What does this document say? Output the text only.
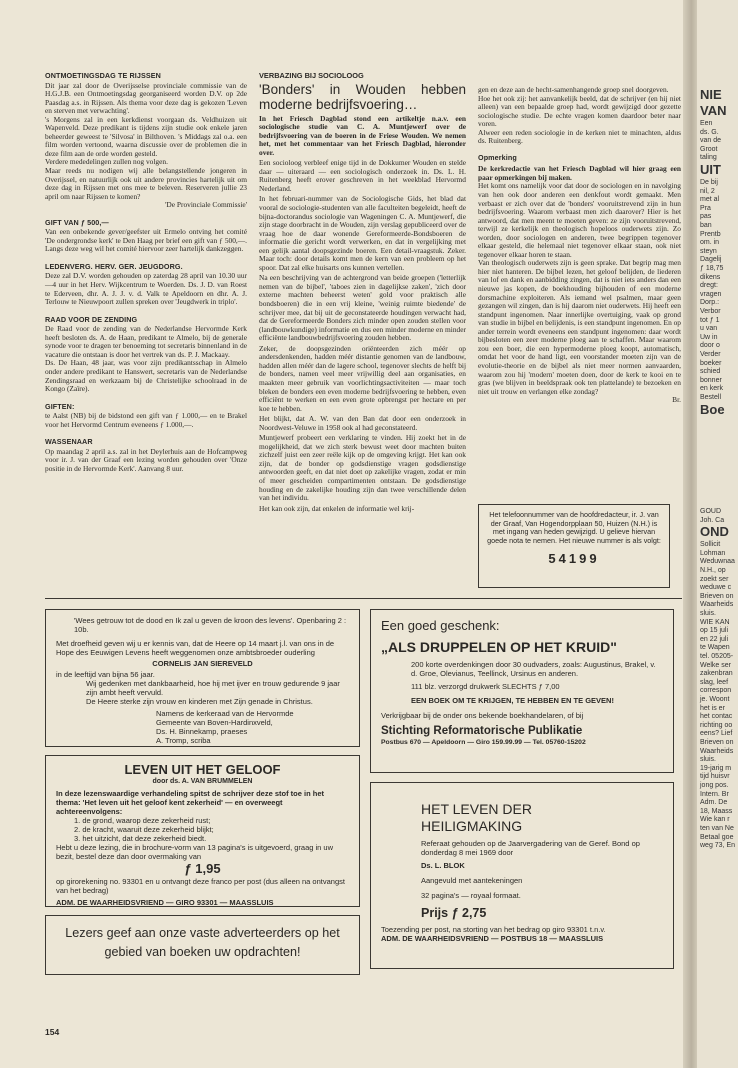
ONTMOETINGSDAG TE RIJSSEN

Dit jaar zal door de Overijsselse provinciale commissie van de H.G.J.B. een Ontmoetingsdag georganiseerd worden D.V. op 2de Paasdag a.s. in Rijssen. Als thema voor deze dag is gekozen 'Leven en sterven met verwachting'.
's Morgens zal in een kerkdienst voorgaan ds. Veldhuizen uit Wapenveld. Deze predikant is tijdens zijn studie ook enkele jaren beheerder geweest te 'Silvosa' in Bilthoven. 's Middags zal o.a. een film worden vertoond, waarna discussie over de problemen die in deze film aan de orde worden gesteld.
Verdere mededelingen zullen nog volgen.
Maar reeds nu nodigen wij alle belangstellende jongeren in Overijssel, en natuurlijk ook uit andere provincies hartelijk uit om deze dag in Rijssen met ons mee te beleven. Reserveren jullie 23 april om naar Rijssen te komen?

'De Provinciale Commissie'
GIFT VAN ƒ 500,—

Van een onbekende gever/geefster uit Ermelo ontving het comité 'De ondergrondse kerk' te Den Haag per brief een gift van ƒ 500,—. Langs deze weg wil het comité hiervoor zeer hartelijk dankzeggen.

LEDENVERG. HERV. GER. JEUGDORG.

Deze zal D.V. worden gehouden op zaterdag 28 april van 10.30 uur—4 uur in het Herv. Wijkcentrum te Woerden. Ds. J. D. van Roest te Ederveen, dhr. A. J. J. v. d. Valk te Apeldoorn en dhr. A. J. Terlouw te Nieuwpoort zullen spreken over 'Jeugdwerk in triplo'.

RAAD VOOR DE ZENDING

De Raad voor de zending van de Nederlandse Hervormde Kerk heeft besloten ds. A. de Haan, predikant te Almelo, bij de generale synode voor te dragen ter benoeming tot secretaris binnenland in de vacature die ontstaan is door het vertrek van ds. P. J. Mackaay.
Ds. De Haan, 48 jaar, was voor zijn predikantsschap in Almelo onder andere predikant te Hanswert, secretaris van de Nederlandse Zendingsraad en werkzaam bij de Christelijke schoolraad in de Kongo (Zaïre).

GIFTEN:

te Aalst (NB) bij de bidstond een gift van ƒ 1.000,— en te Brakel voor het Hervormd Centrum eveneens ƒ 1.000,—.

WASSENAAR

Op maandag 2 april a.s. zal in het Deylerhuis aan de Hofcampweg voor ir. J. van der Graaf een lezing worden gehouden over 'Onze positie in de Hervormde Kerk'. Aanvang 8 uur.

VERBAZING BIJ SOCIOLOOG
'Bonders' in Wouden hebben moderne bedrijfsvoering…

In het Friesch Dagblad stond een artikeltje n.a.v. een sociologische studie van C. A. Muntjewerf over de bedrijfsvoering van de boeren in de Friese Wouden. We nemen het, met het commentaar van het Friesch Dagblad, hieronder over.

Een socioloog verbleef enige tijd in de Dokkumer Wouden en stelde daar — uiteraard — een sociologisch onderzoek in. Ds. L. H. Ruitenberg heeft erover geschreven in het weekblad Hervormd Nederland.

In het februari-nummer van de Sociologische Gids, het blad dat vooral de sociologie-studenten van alle faculteiten begeleidt, heeft de bijna-doctorandus sociologie van Wageningen C. A. Muntjewerf, die zijn stage doorbracht in de Wouden, zijn verslag gepubliceerd over de vraag hoe de daar wonende Gereformeerde-Bondsboeren de informatie die gericht wordt verwerken, en dat in vergelijking met een gelijk aantal doopsgezinde boeren. Een detail-vraagstuk. Zeker. Maar toch: door details komt men de kern van een probleem op het spoor. Dat zal elke huisarts ons kunnen vertellen.

Na een beschrijving van de achtergrond van beide groepen ('letterlijk nemen van de bijbel', 'taboes zien in dagelijkse zaken', 'zich door externe machten beheerst weten' gold voor praktisch alle bondsboeren) die in een vrij kleine, 'weinig ruimte biedende' de schrijver mee, dat bij uit de geconstateerde houdingen verwacht had, dat de Gereformeerde Bonders zich minder open zouden stellen voor (landbouwkundige) informatie en dus een minder moderne en minder efficiënte landbouwbedrijfsvoering zouden hebben.

Zeker, de doopsgezinden oriënteerden zich méér op andersdenkenden, hadden méér distantie genomen van de landbouw, hadden allen méér dan de lagere school, tegenover slechts de helft bij de bonders, namen veel meer vrijwillig deel aan organisaties, en maakten meer gebruik van voorlichtingsactiviteiten — maar toch bleken de bonders een even moderne bedrijfsvoering te hebben, even efficiënt te werken en een even grote opbrengst per hectare en per koe te hebben.

Het blijkt, dat A. W. van den Ban dat door een onderzoek in Noordwest-Veluwe in 1958 ook al had geconstateerd.

Muntjewerf probeert een verklaring te vinden. Hij zoekt het in de mogelijkheid, dat we zich sterk bewust weet door machten buiten zichzelf juist een zeer reële kijk op de omgeving krijgt. Het kan ook zijn, dat de bonder op godsdienstige vragen godsdienstige antwoorden geeft, en dat niet doet op zakelijke vragen, zodat er min of meer gescheiden compartimenten ontstaan. De godsdienstige houding en de zakelijke houding zijn dan twee verschillende delen van het individu.

Het kan ook zijn, dat enkelen de informatie wel krij-

gen en deze aan de hecht-samenhangende groep snel doorgeven.

Hoe het ook zij: het aanvankelijk beeld, dat de schrijver (en hij niet alleen) van een bepaalde groep had, wordt gewijzigd door gezette sociologische studie. De echte vragen komen daardoor beter naar voren.

Alweer een reden sociologie in de kerken niet te minachten, aldus ds. Ruitenberg.

Opmerking

De kerkredactie van het Friesch Dagblad wil hier graag een paar opmerkingen bij maken.

Het komt ons namelijk voor dat door de sociologen en in navolging van hen ook door anderen een denkfout wordt gemaakt. Men verbaast er zich over dat de 'bonders' vooruitstrevend zijn in hun bedrijfsvoering. Waarom verbaast men zich daarover? Hier is het antwoord, dat men meent te moeten geven: ze zijn vooruitstrevend, terwijl ze kerkelijk en theologisch hopeloos ouderwets zijn. Zo worden, door sociologen en anderen, twee begrippen tegenover elkaar gesteld, die helemaal niet tegenover elkaar staan, ook niet tegenover elkaar horen te staan.
Van theologisch ouderwets zijn is geen sprake. Dat begrip mag men hier niet hanteren. De bijbel lezen, het geloof belijden, de liederen van lof en dank en aanbidding zingen, dat is niet iets anders dan een nieuwe jas kopen, de boekhouding bijhouden of een moderne dorsmachine exploiteren. Als iemand wel psalmen, maar geen gezangen wil zingen, dan is hij daarom niet ouderwets. Hij heeft een standpunt ingenomen. Naar innerlijke overtuiging, vaak op grond van studie in bijbel en belijdenis, is een standpunt ingenomen. En op ander terrein wordt eveneens een standpunt ingenomen: daar wordt bijbesloten een zeer moderne ploeg aan te schaffen. Maar waarom zou een boer, die een hypermoderne ploeg koopt, automatisch, omdat het voor de hand ligt, een voorstander moeten zijn van de evolutie-theorie en de bijbel als niet meer normen aanvaarden, waarom zou hij 'modern' moeten doen, door de kerk te kooi en te gras (we blijven in beeldspraak ook ten plattelande) te bezoeken en niet uit trouw en verlangen elke zondag?

Br.
Het telefoonnummer van de hoofdredacteur, ir. J. van der Graaf, Van Hogendorpplaan 50, Huizen (N.H.) is met ingang van heden gewijzigd. U gelieve hiervan goede nota te nemen. Het nieuwe nummer is als volgt:
54199
'Wees getrouw tot de dood en Ik zal u geven de kroon des levens'. Openbaring 2 : 10b.
Met droefheid geven wij u er kennis van, dat de Heere op 14 maart j.l. van ons in de Hope des Eeuwigen Levens heeft weggenomen onze ambtsbroeder ouderling
CORNELIS JAN SIEREVELD
in de leeftijd van bijna 56 jaar.
Wij gedenken met dankbaarheid, hoe hij met ijver en trouw gedurende 9 jaar zijn ambt heeft vervuld.
De Heere sterke zijn vrouw en kinderen met Zijn genade in Christus.
Namens de kerkeraad van de Hervormde
Gemeente van Boven-Hardinxveld,
Ds. H. Binnekamp, praeses
A. Tromp, scriba
LEVEN UIT HET GELOOF
door ds. A. VAN BRUMMELEN
In deze lezenswaardige verhandeling spitst de schrijver deze stof toe in het thema: 'Het leven uit het geloof kent zekerheid' — en overweegt achtereenvolgens:
1. de grond, waarop deze zekerheid rust;
2. de kracht, waaruit deze zekerheid blijkt;
3. het uitzicht, dat deze zekerheid biedt.
Hebt u deze lezing, die in brochure-vorm van 13 pagina's is uitgevoerd, graag in uw bezit, bestel deze dan door overmaking van
ƒ 1,95
op girorekening no. 93301 en u ontvangt deze franco per post (dus alleen na ontvangst van het bedrag)
ADM. DE WAARHEIDSVRIEND — GIRO 93301 — MAASSLUIS
Lezers geef aan onze vaste adverteerders op het gebied van boeken uw opdrachten!
Een goed geschenk:
„ALS DRUPPELEN OP HET KRUID"
200 korte overdenkingen door 30 oudvaders, zoals: Augustinus, Brakel, v. d. Groe, Olevianus, Teellinck, Ursinus en anderen.
111 blz. verzorgd drukwerk SLECHTS ƒ 7,00
EEN BOEK OM TE KRIJGEN, TE HEBBEN EN TE GEVEN!
Verkrijgbaar bij de onder ons bekende boekhandelaren, of bij
Stichting Reformatorische Publikatie
Postbus 670 — Apeldoorn — Giro 159.99.99 — Tel. 05760-15202
HET LEVEN DER
HEILIGMAKING
Referaat gehouden op de Jaarvergadering van de Geref. Bond op donderdag 8 mei 1969 door
Ds. L. BLOK
Aangevuld met aantekeningen
32 pagina's — royaal formaat.
Prijs ƒ 2,75
Toezending per post, na storting van het bedrag op giro 93301 t.n.v.
ADM. DE WAARHEIDSVRIEND — POSTBUS 18 — MAASSLUIS
154
NIE
VAN
Een
ds. G.
van de
Groot
taling
UIT
De bij
nil, 2
met al
Pra
pas
ban
Prentb
om. in
steyn
Dagelij
ƒ 18,75
dikens
dregt:
vragen
Dorp.:
Verbor
tot ƒ 1
u van
Uw in
door o
Verder
boeker
schied
bonner
en kerk
Bestell
Boe
GOUD
Joh. Ca
OND
Sollicit
Lohman
Weduwnaa
N.H., op
zoekt ser
weduwe c
Brieven on
Waarheids
sluis.
WIE KAN
op 15 juli
en 22 juli
te Wapen
tel. 05205-
Welke ser
zakenbran
slag, leef
correspon
je. Woont
het is er
het contac
richting oo
eens? Lief
Brieven on
Waarheids
sluis.
19-jarig m
tijd huisvr
jong pos.
Intern. Br
Adm. De
18, Maass
Wie kan r
ten van Ne
Betaal goe
weg 73, En
